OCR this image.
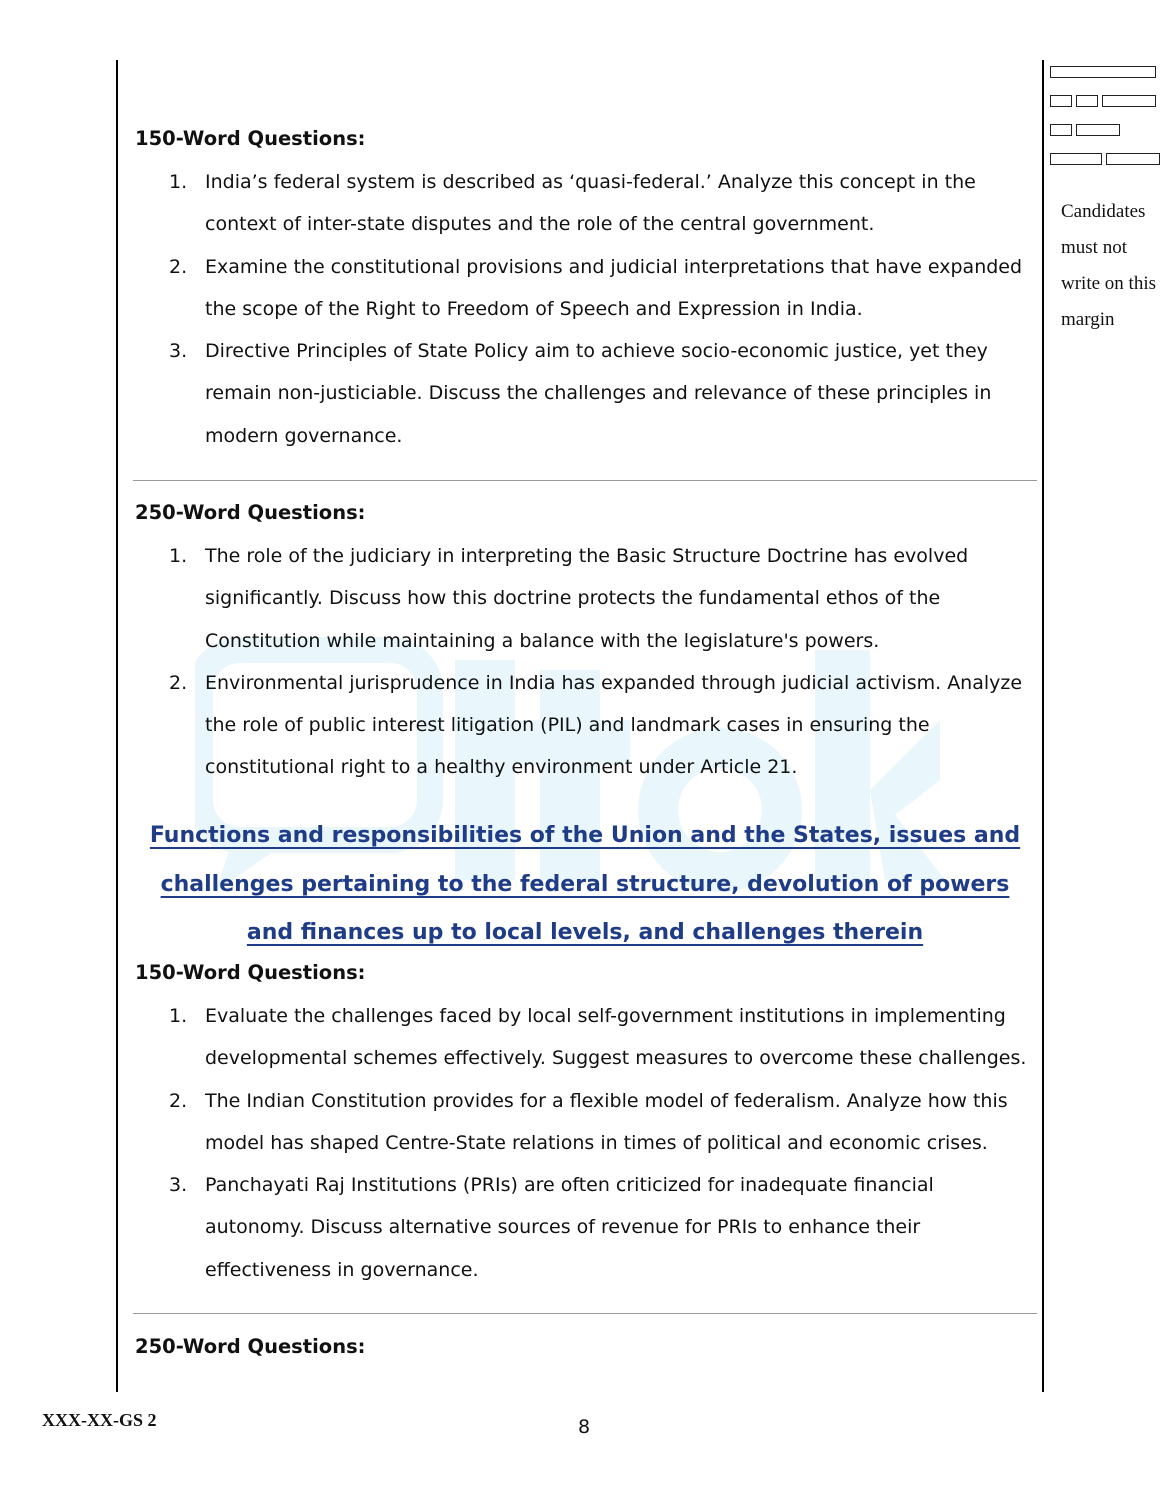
Candidates must not write on this margin

150-Word Questions:

1. India’s federal system is described as ‘quasi-federal.’ Analyze this concept in the context of inter-state disputes and the role of the central government.
2. Examine the constitutional provisions and judicial interpretations that have expanded the scope of the Right to Freedom of Speech and Expression in India.
3. Directive Principles of State Policy aim to achieve socio-economic justice, yet they remain non-justiciable. Discuss the challenges and relevance of these principles in modern governance.

250-Word Questions:

1. The role of the judiciary in interpreting the Basic Structure Doctrine has evolved significantly. Discuss how this doctrine protects the fundamental ethos of the Constitution while maintaining a balance with the legislature's powers.
2. Environmental jurisprudence in India has expanded through judicial activism. Analyze the role of public interest litigation (PIL) and landmark cases in ensuring the constitutional right to a healthy environment under Article 21.
Functions and responsibilities of the Union and the States, issues and challenges pertaining to the federal structure, devolution of powers and finances up to local levels, and challenges therein

150-Word Questions:

1. Evaluate the challenges faced by local self-government institutions in implementing developmental schemes effectively. Suggest measures to overcome these challenges.
2. The Indian Constitution provides for a flexible model of federalism. Analyze how this model has shaped Centre-State relations in times of political and economic crises.
3. Panchayati Raj Institutions (PRIs) are often criticized for inadequate financial autonomy. Discuss alternative sources of revenue for PRIs to enhance their effectiveness in governance.

250-Word Questions:

XXX-XX-GS 2	8
